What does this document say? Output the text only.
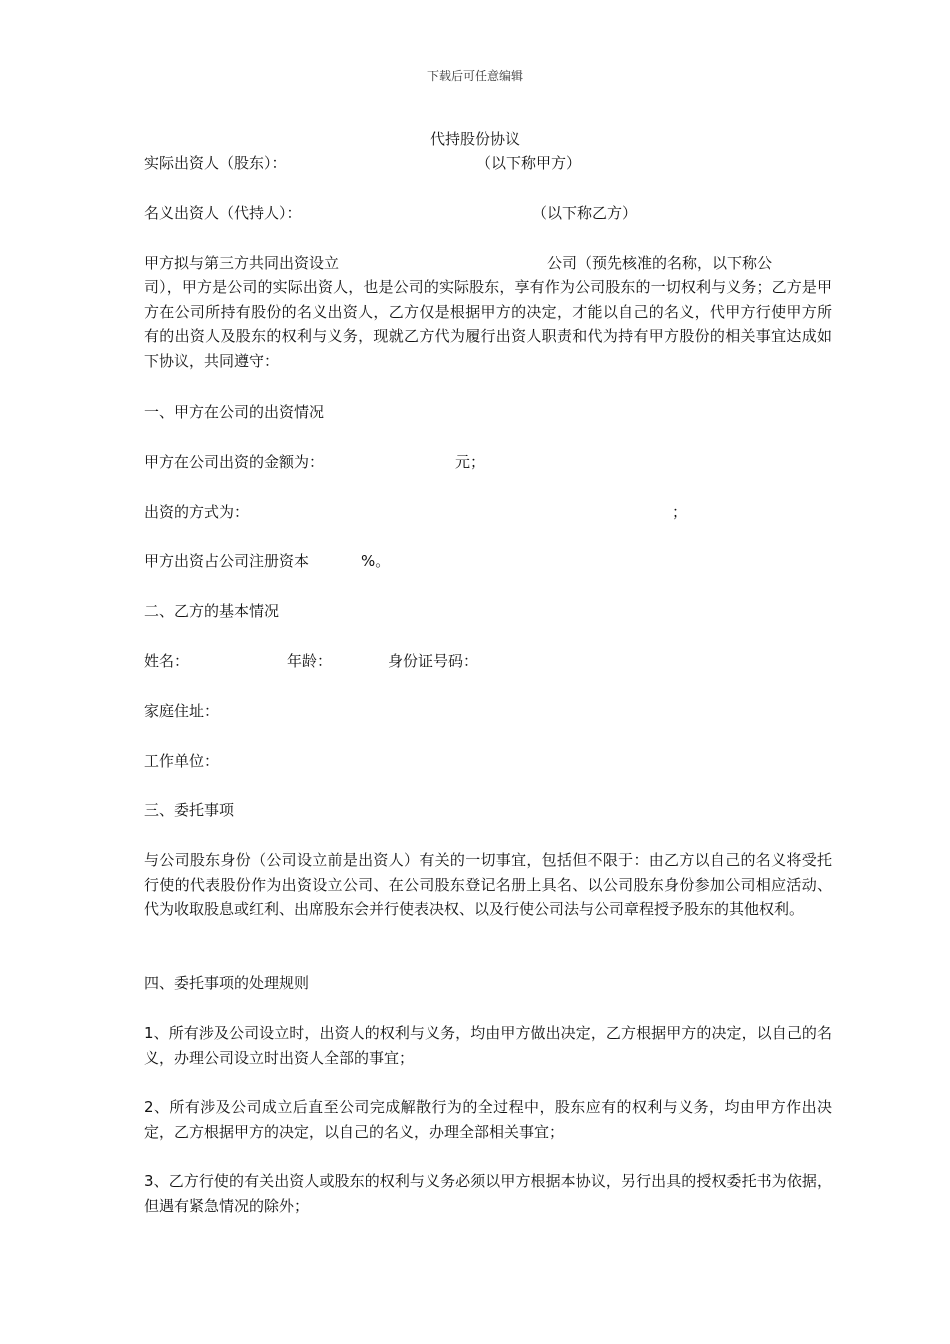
下载后可任意编辑
代持股份协议
实际出资人（股东）：	（以下称甲方）
名义出资人（代持人）：	（以下称乙方）
甲方拟与第三方共同出资设立	公司（预先核准的名称，以下称公
司），甲方是公司的实际出资人，也是公司的实际股东，享有作为公司股东的一切权利与义务；乙方是甲方在公司所持有股份的名义出资人，乙方仅是根据甲方的决定，才能以自己的名义，代甲方行使甲方所有的出资人及股东的权利与义务，现就乙方代为履行出资人职责和代为持有甲方股份的相关事宜达成如下协议，共同遵守：
一、甲方在公司的出资情况
甲方在公司出资的金额为：	元；
出资的方式为：	；
甲方出资占公司注册资本	%。
二、乙方的基本情况
姓名：	年龄：	身份证号码：
家庭住址：
工作单位：
三、委托事项
与公司股东身份（公司设立前是出资人）有关的一切事宜，包括但不限于：由乙方以自己的名义将受托行使的代表股份作为出资设立公司、在公司股东登记名册上具名、以公司股东身份参加公司相应活动、代为收取股息或红利、出席股东会并行使表决权、以及行使公司法与公司章程授予股东的其他权利。
四、委托事项的处理规则
1、所有涉及公司设立时，出资人的权利与义务，均由甲方做出决定，乙方根据甲方的决定，以自己的名义，办理公司设立时出资人全部的事宜；
2、所有涉及公司成立后直至公司完成解散行为的全过程中，股东应有的权利与义务，均由甲方作出决定，乙方根据甲方的决定，以自己的名义，办理全部相关事宜；
3、乙方行使的有关出资人或股东的权利与义务必须以甲方根据本协议，另行出具的授权委托书为依据，但遇有紧急情况的除外；
